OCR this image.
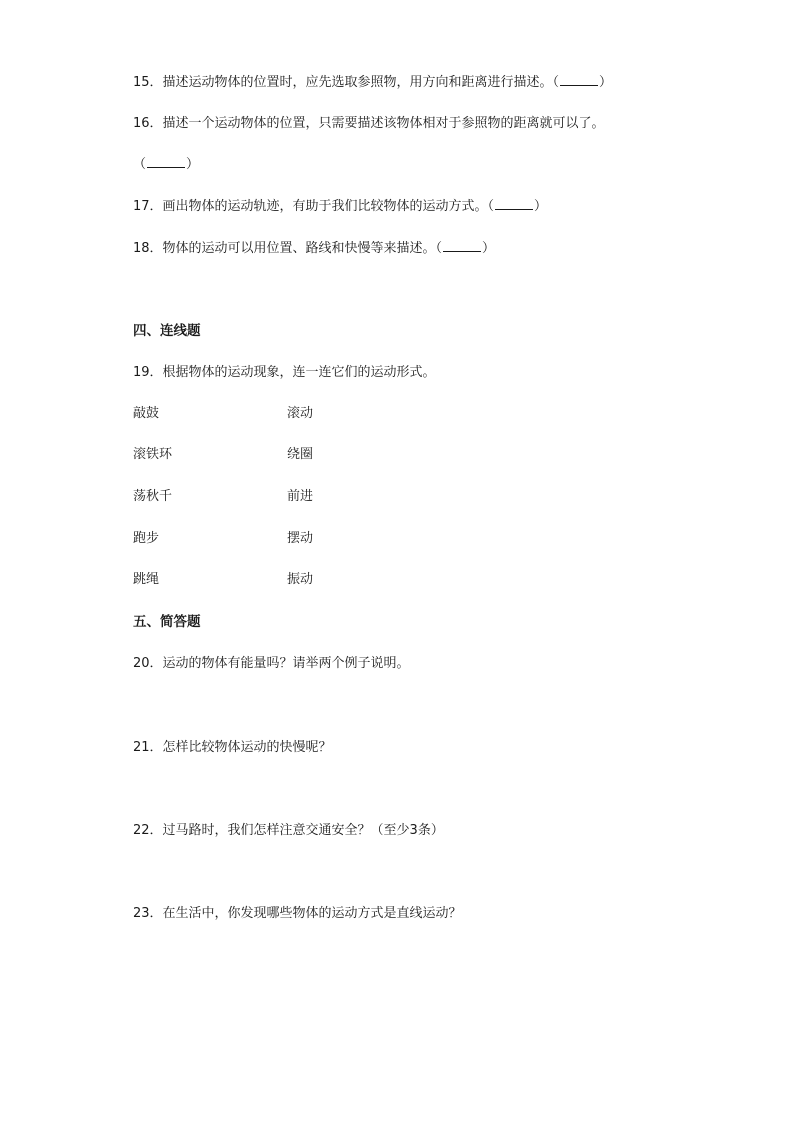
15．描述运动物体的位置时，应先选取参照物，用方向和距离进行描述。（	）
16．描述一个运动物体的位置，只需要描述该物体相对于参照物的距离就可以了。
（	）
17．画出物体的运动轨迹，有助于我们比较物体的运动方式。（	）
18．物体的运动可以用位置、路线和快慢等来描述。（	）
四、连线题
19．根据物体的运动现象，连一连它们的运动形式。
敲鼓	滚动
滚铁环	绕圈
荡秋千	前进
跑步	摆动
跳绳	振动
五、简答题
20．运动的物体有能量吗？请举两个例子说明。
21．怎样比较物体运动的快慢呢？
22．过马路时，我们怎样注意交通安全？（至少3条）
23．在生活中，你发现哪些物体的运动方式是直线运动？
